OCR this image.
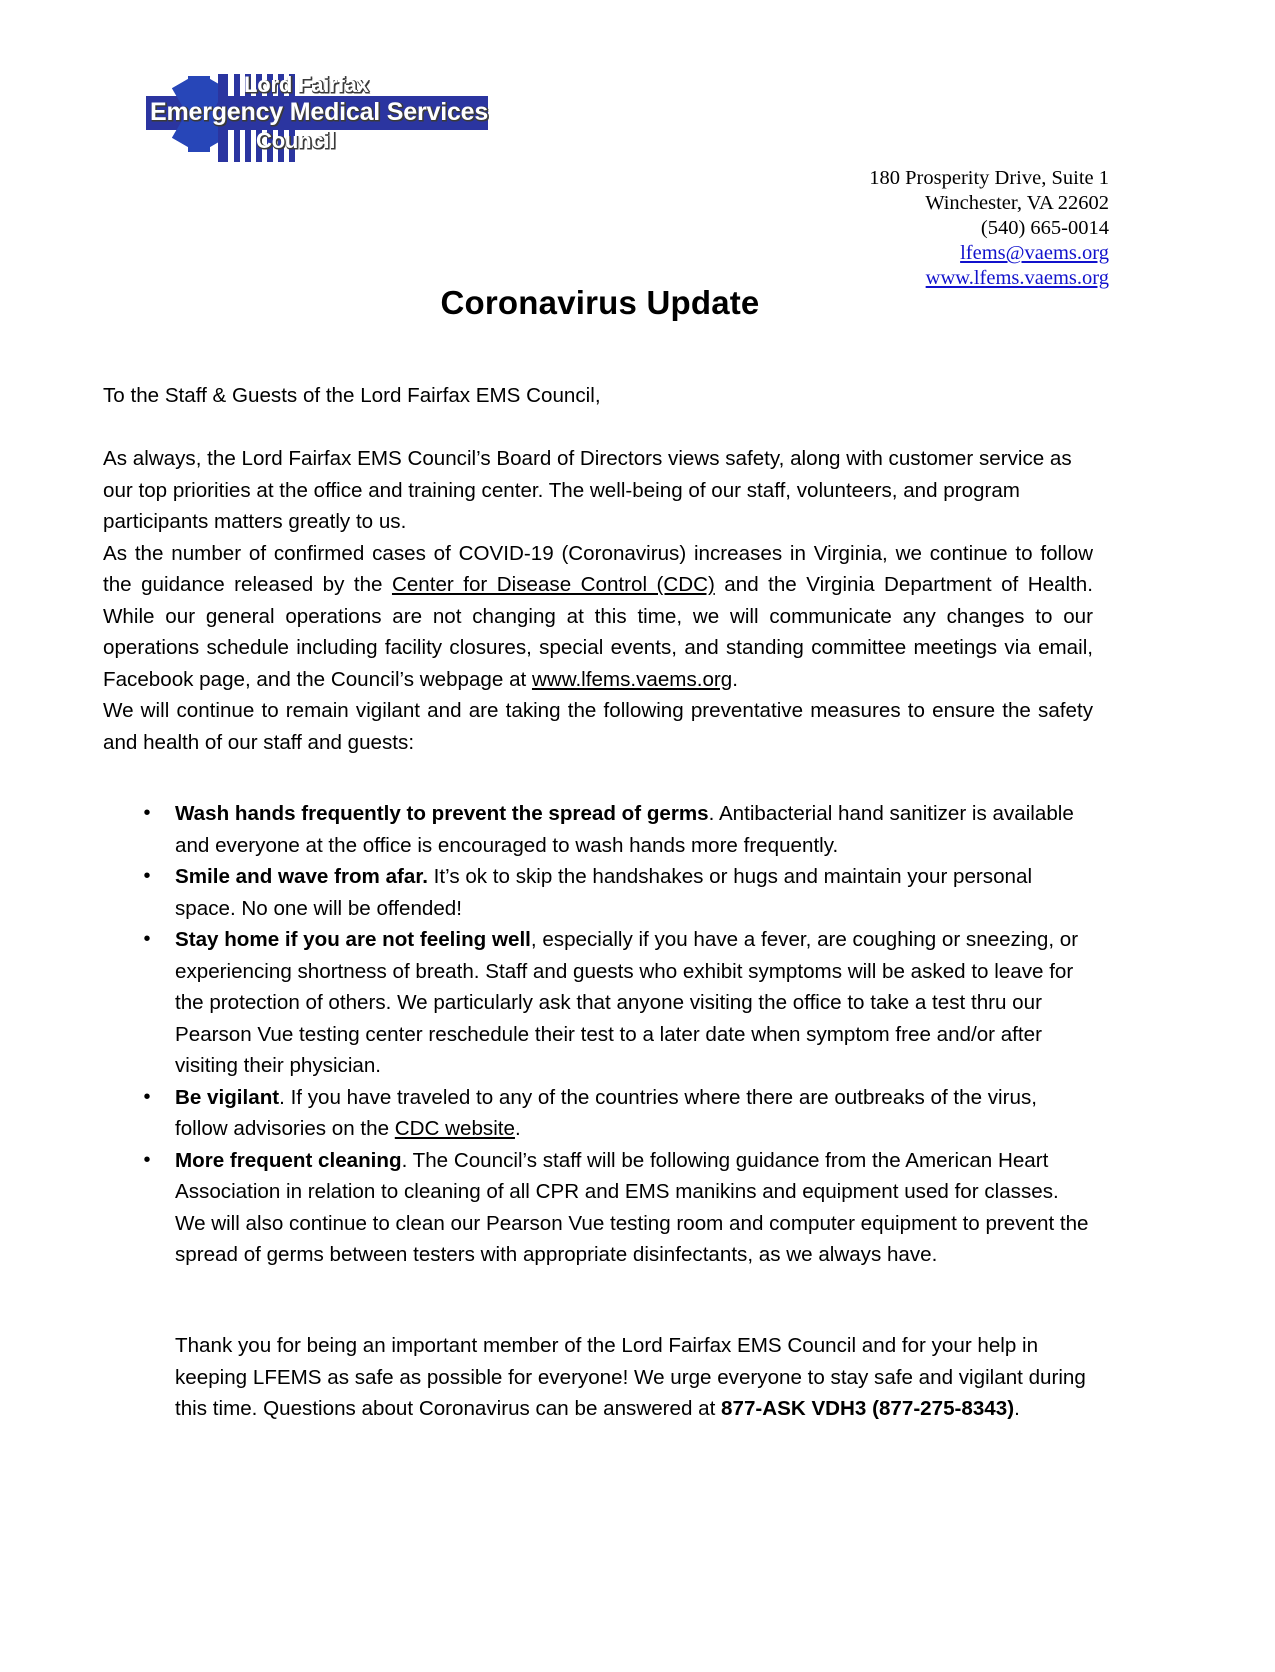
Lord Fairfax
Emergency Medical Services
Council
180 Prosperity Drive, Suite 1
Winchester, VA 22602
(540) 665-0014
lfems@vaems.org
www.lfems.vaems.org
Coronavirus Update

To the Staff & Guests of the Lord Fairfax EMS Council,

As always, the Lord Fairfax EMS Council’s Board of Directors views safety, along with customer service as our top priorities at the office and training center. The well-being of our staff, volunteers, and program participants matters greatly to us.

As the number of confirmed cases of COVID-19 (Coronavirus) increases in Virginia, we continue to follow the guidance released by the Center for Disease Control (CDC) and the Virginia Department of Health. While our general operations are not changing at this time, we will communicate any changes to our operations schedule including facility closures, special events, and standing committee meetings via email, Facebook page, and the Council’s webpage at www.lfems.vaems.org.

We will continue to remain vigilant and are taking the following preventative measures to ensure the safety and health of our staff and guests:

• Wash hands frequently to prevent the spread of germs. Antibacterial hand sanitizer is available and everyone at the office is encouraged to wash hands more frequently.
• Smile and wave from afar. It’s ok to skip the handshakes or hugs and maintain your personal space. No one will be offended!
• Stay home if you are not feeling well, especially if you have a fever, are coughing or sneezing, or experiencing shortness of breath. Staff and guests who exhibit symptoms will be asked to leave for the protection of others. We particularly ask that anyone visiting the office to take a test thru our Pearson Vue testing center reschedule their test to a later date when symptom free and/or after visiting their physician.
• Be vigilant. If you have traveled to any of the countries where there are outbreaks of the virus, follow advisories on the CDC website.
• More frequent cleaning. The Council’s staff will be following guidance from the American Heart Association in relation to cleaning of all CPR and EMS manikins and equipment used for classes. We will also continue to clean our Pearson Vue testing room and computer equipment to prevent the spread of germs between testers with appropriate disinfectants, as we always have.
Thank you for being an important member of the Lord Fairfax EMS Council and for your help in keeping LFEMS as safe as possible for everyone! We urge everyone to stay safe and vigilant during this time. Questions about Coronavirus can be answered at 877-ASK VDH3 (877-275-8343).
